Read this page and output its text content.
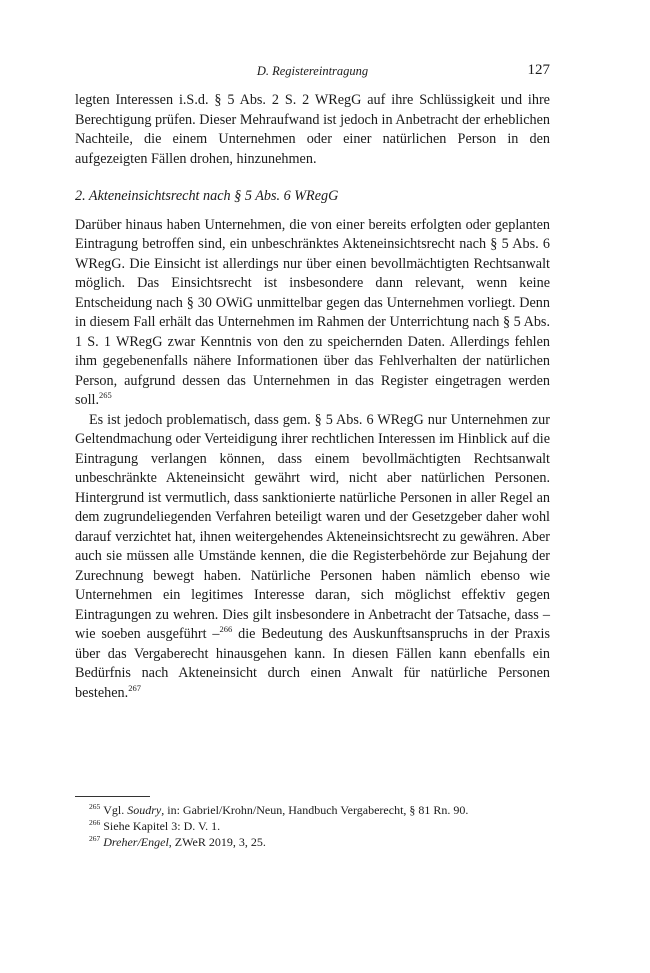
D. Registereintragung	127

legten Interessen i.S.d. § 5 Abs. 2 S. 2 WRegG auf ihre Schlüssigkeit und ihre Berechtigung prüfen. Dieser Mehraufwand ist jedoch in Anbetracht der erheblichen Nachteile, die einem Unternehmen oder einer natürlichen Person in den aufgezeigten Fällen drohen, hinzunehmen.

2. Akteneinsichtsrecht nach § 5 Abs. 6 WRegG

Darüber hinaus haben Unternehmen, die von einer bereits erfolgten oder geplanten Eintragung betroffen sind, ein unbeschränktes Akteneinsichtsrecht nach § 5 Abs. 6 WRegG. Die Einsicht ist allerdings nur über einen bevollmächtigten Rechtsanwalt möglich. Das Einsichtsrecht ist insbesondere dann relevant, wenn keine Entscheidung nach § 30 OWiG unmittelbar gegen das Unternehmen vorliegt. Denn in diesem Fall erhält das Unternehmen im Rahmen der Unterrichtung nach § 5 Abs. 1 S. 1 WRegG zwar Kenntnis von den zu speichernden Daten. Allerdings fehlen ihm gegebenenfalls nähere Informationen über das Fehlverhalten der natürlichen Person, aufgrund dessen das Unternehmen in das Register eingetragen werden soll.$^{265}$

Es ist jedoch problematisch, dass gem. § 5 Abs. 6 WRegG nur Unternehmen zur Geltendmachung oder Verteidigung ihrer rechtlichen Interessen im Hinblick auf die Eintragung verlangen können, dass einem bevollmächtigten Rechtsanwalt unbeschränkte Akteneinsicht gewährt wird, nicht aber natürlichen Personen. Hintergrund ist vermutlich, dass sanktionierte natürliche Personen in aller Regel an dem zugrundeliegenden Verfahren beteiligt waren und der Gesetzgeber daher wohl darauf verzichtet hat, ihnen weitergehendes Akteneinsichtsrecht zu gewähren. Aber auch sie müssen alle Umstände kennen, die die Registerbehörde zur Bejahung der Zurechnung bewegt haben. Natürliche Personen haben nämlich ebenso wie Unternehmen ein legitimes Interesse daran, sich möglichst effektiv gegen Eintragungen zu wehren. Dies gilt insbesondere in Anbetracht der Tatsache, dass – wie soeben ausgeführt –$^{266}$ die Bedeutung des Auskunftsanspruchs in der Praxis über das Vergaberecht hinausgehen kann. In diesen Fällen kann ebenfalls ein Bedürfnis nach Akteneinsicht durch einen Anwalt für natürliche Personen bestehen.$^{267}$

$^{265}$ Vgl. Soudry, in: Gabriel/Krohn/Neun, Handbuch Vergaberecht, § 81 Rn. 90.

$^{266}$ Siehe Kapitel 3: D. V. 1.

$^{267}$ Dreher/Engel, ZWeR 2019, 3, 25.
